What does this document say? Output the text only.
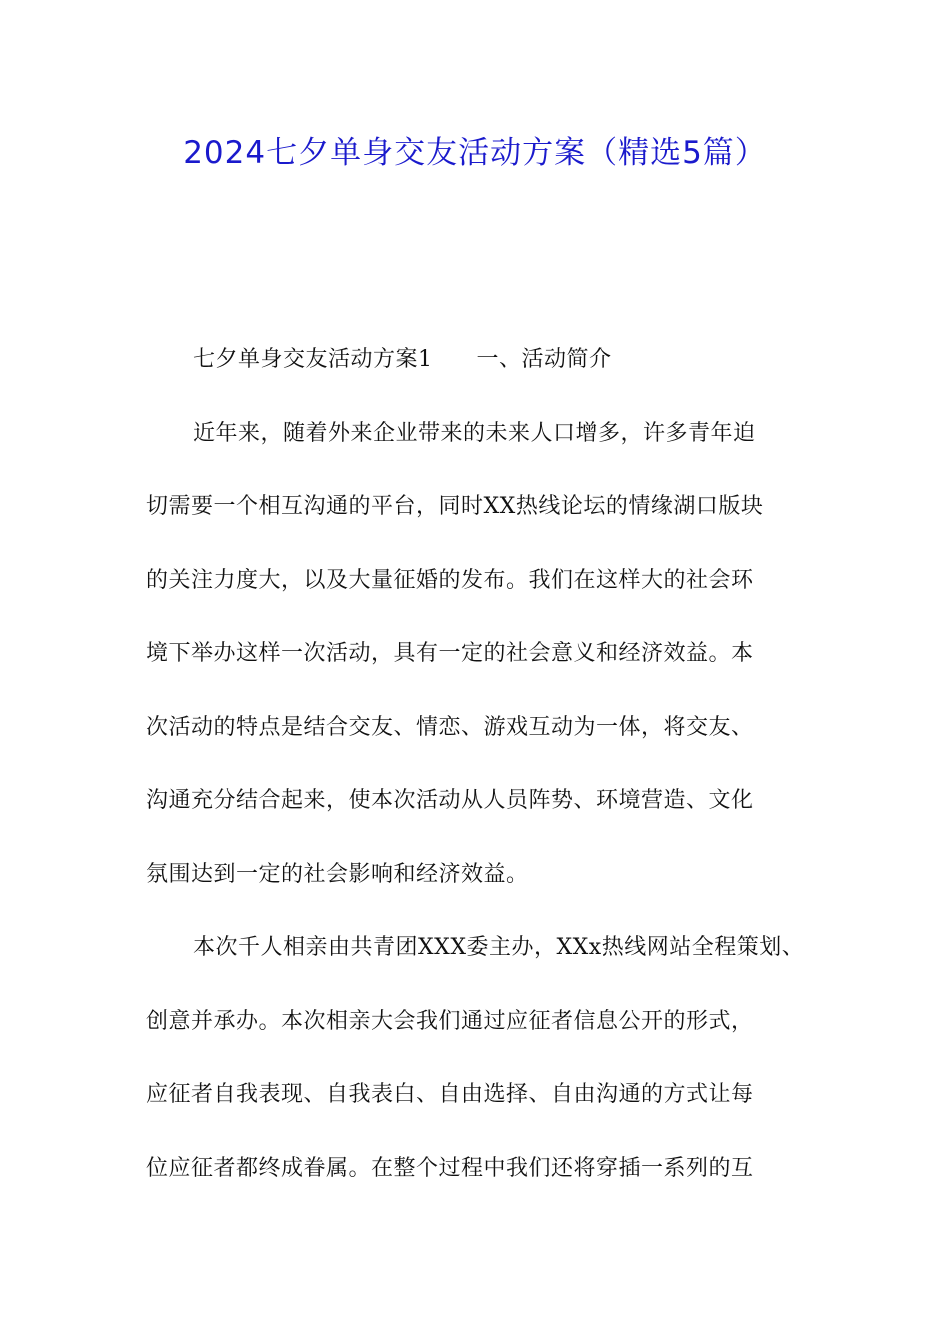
2024七夕单身交友活动方案（精选5篇）
七夕单身交友活动方案1 一、活动简介
近年来，随着外来企业带来的未来人口增多，许多青年迫
切需要一个相互沟通的平台，同时XX热线论坛的情缘湖口版块
的关注力度大，以及大量征婚的发布。我们在这样大的社会环
境下举办这样一次活动，具有一定的社会意义和经济效益。本
次活动的特点是结合交友、情恋、游戏互动为一体，将交友、
沟通充分结合起来，使本次活动从人员阵势、环境营造、文化
氛围达到一定的社会影响和经济效益。
本次千人相亲由共青团XXX委主办，XXx热线网站全程策划、
创意并承办。本次相亲大会我们通过应征者信息公开的形式，
应征者自我表现、自我表白、自由选择、自由沟通的方式让每
位应征者都终成眷属。在整个过程中我们还将穿插一系列的互
